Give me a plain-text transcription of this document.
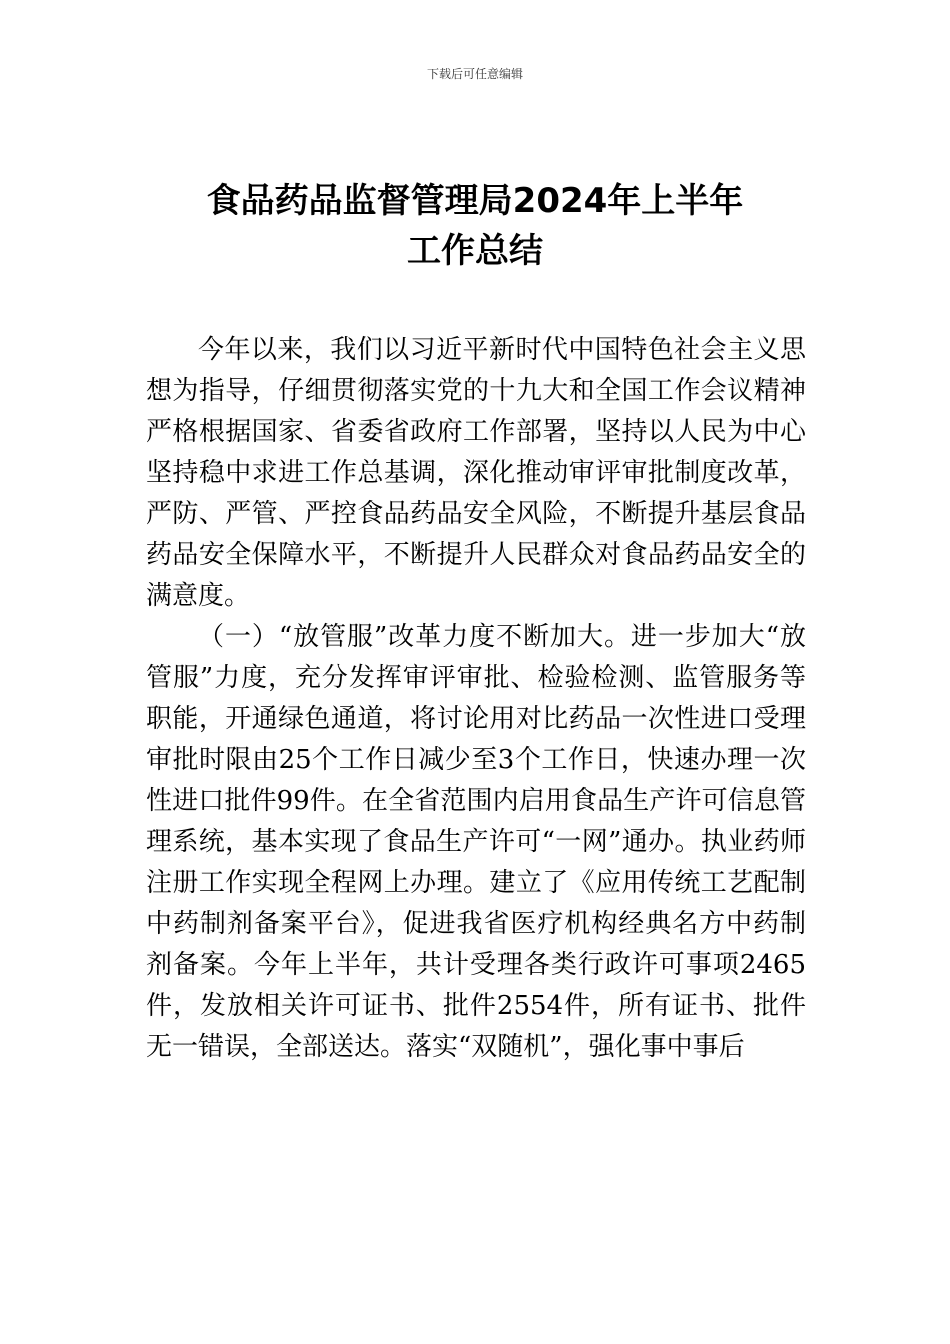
下载后可任意编辑
食品药品监督管理局2024年上半年
工作总结

今年以来，我们以习近平新时代中国特色社会主义思想为指导，仔细贯彻落实党的十九大和全国工作会议精神严格根据国家、省委省政府工作部署，坚持以人民为中心坚持稳中求进工作总基调，深化推动审评审批制度改革，严防、严管、严控食品药品安全风险，不断提升基层食品药品安全保障水平，不断提升人民群众对食品药品安全的满意度。

（一）“放管服”改革力度不断加大。进一步加大“放管服”力度，充分发挥审评审批、检验检测、监管服务等职能，开通绿色通道，将讨论用对比药品一次性进口受理审批时限由25个工作日减少至3个工作日，快速办理一次性进口批件99件。在全省范围内启用食品生产许可信息管理系统，基本实现了食品生产许可“一网”通办。执业药师注册工作实现全程网上办理。建立了《应用传统工艺配制中药制剂备案平台》，促进我省医疗机构经典名方中药制剂备案。今年上半年，共计受理各类行政许可事项2465件，发放相关许可证书、批件2554件，所有证书、批件无一错误，全部送达。落实“双随机”，强化事中事后
